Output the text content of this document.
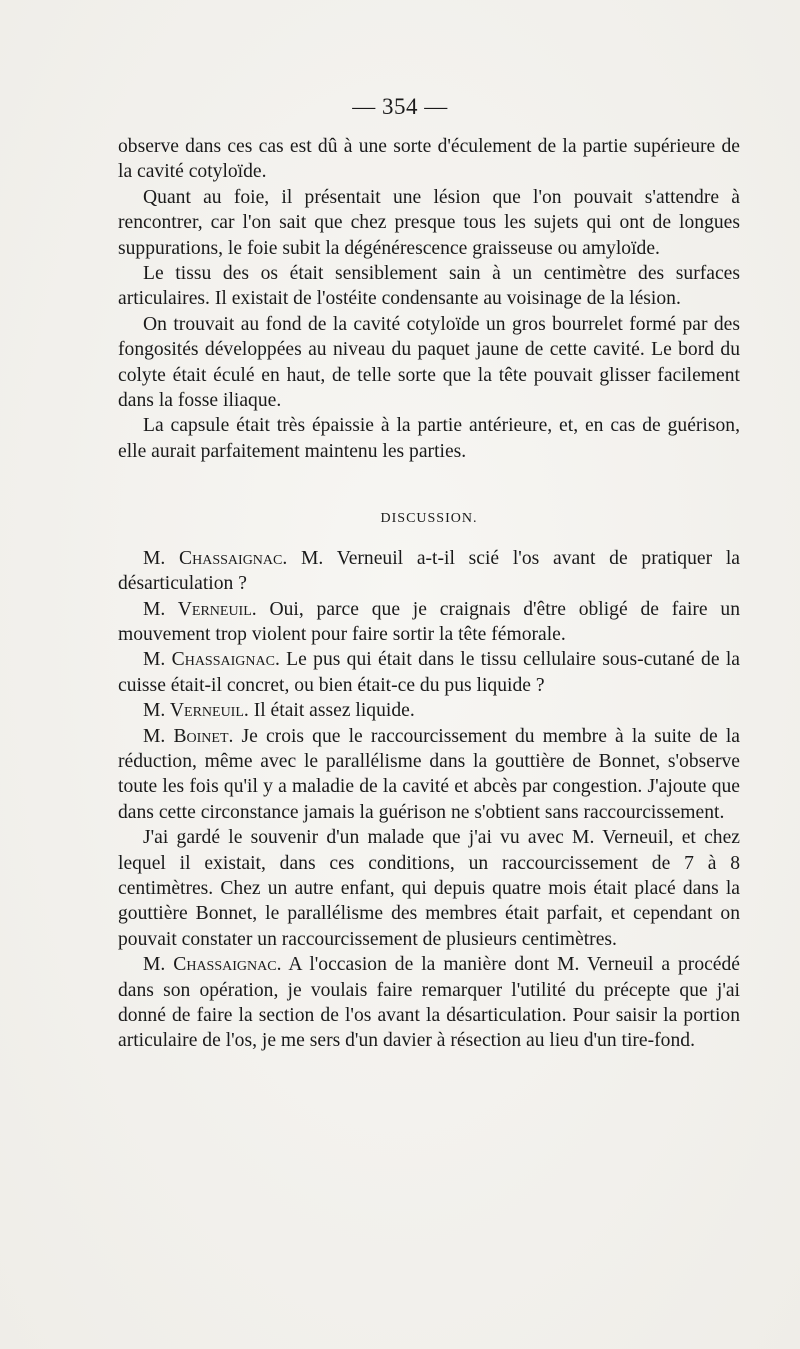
— 354 —

observe dans ces cas est dû à une sorte d'éculement de la partie supérieure de la cavité cotyloïde.

Quant au foie, il présentait une lésion que l'on pouvait s'attendre à rencontrer, car l'on sait que chez presque tous les sujets qui ont de longues suppurations, le foie subit la dégénérescence graisseuse ou amyloïde.

Le tissu des os était sensiblement sain à un centimètre des surfaces articulaires. Il existait de l'ostéite condensante au voisinage de la lésion.

On trouvait au fond de la cavité cotyloïde un gros bourrelet formé par des fongosités développées au niveau du paquet jaune de cette cavité. Le bord du colyte était éculé en haut, de telle sorte que la tête pouvait glisser facilement dans la fosse iliaque.

La capsule était très épaissie à la partie antérieure, et, en cas de guérison, elle aurait parfaitement maintenu les parties.

DISCUSSION.

M. Chassaignac. M. Verneuil a-t-il scié l'os avant de pratiquer la désarticulation ?

M. Verneuil. Oui, parce que je craignais d'être obligé de faire un mouvement trop violent pour faire sortir la tête fémorale.

M. Chassaignac. Le pus qui était dans le tissu cellulaire sous-cutané de la cuisse était-il concret, ou bien était-ce du pus liquide ?

M. Verneuil. Il était assez liquide.

M. Boinet. Je crois que le raccourcissement du membre à la suite de la réduction, même avec le parallélisme dans la gouttière de Bonnet, s'observe toute les fois qu'il y a maladie de la cavité et abcès par congestion. J'ajoute que dans cette circonstance jamais la guérison ne s'obtient sans raccourcissement.

J'ai gardé le souvenir d'un malade que j'ai vu avec M. Verneuil, et chez lequel il existait, dans ces conditions, un raccourcissement de 7 à 8 centimètres. Chez un autre enfant, qui depuis quatre mois était placé dans la gouttière Bonnet, le parallélisme des membres était parfait, et cependant on pouvait constater un raccourcissement de plusieurs centimètres.

M. Chassaignac. A l'occasion de la manière dont M. Verneuil a procédé dans son opération, je voulais faire remarquer l'utilité du précepte que j'ai donné de faire la section de l'os avant la désarticulation. Pour saisir la portion articulaire de l'os, je me sers d'un davier à résection au lieu d'un tire-fond.
